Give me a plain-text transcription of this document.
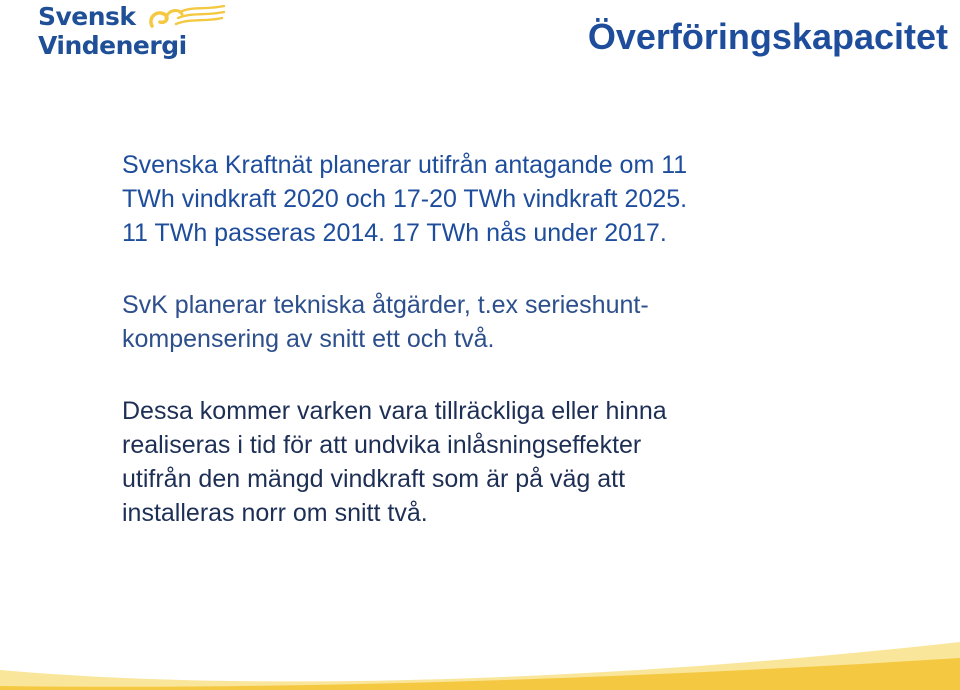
Svensk
Vindenergi	Överföringskapacitet

Svenska Kraftnät planerar utifrån antagande om 11
TWh vindkraft 2020 och 17-20 TWh vindkraft 2025.
11 TWh passeras 2014. 17 TWh nås under 2017.

SvK planerar tekniska åtgärder, t.ex serieshunt-
kompensering av snitt ett och två.

Dessa kommer varken vara tillräckliga eller hinna
realiseras i tid för att undvika inlåsningseffekter
utifrån den mängd vindkraft som är på väg att
installeras norr om snitt två.
